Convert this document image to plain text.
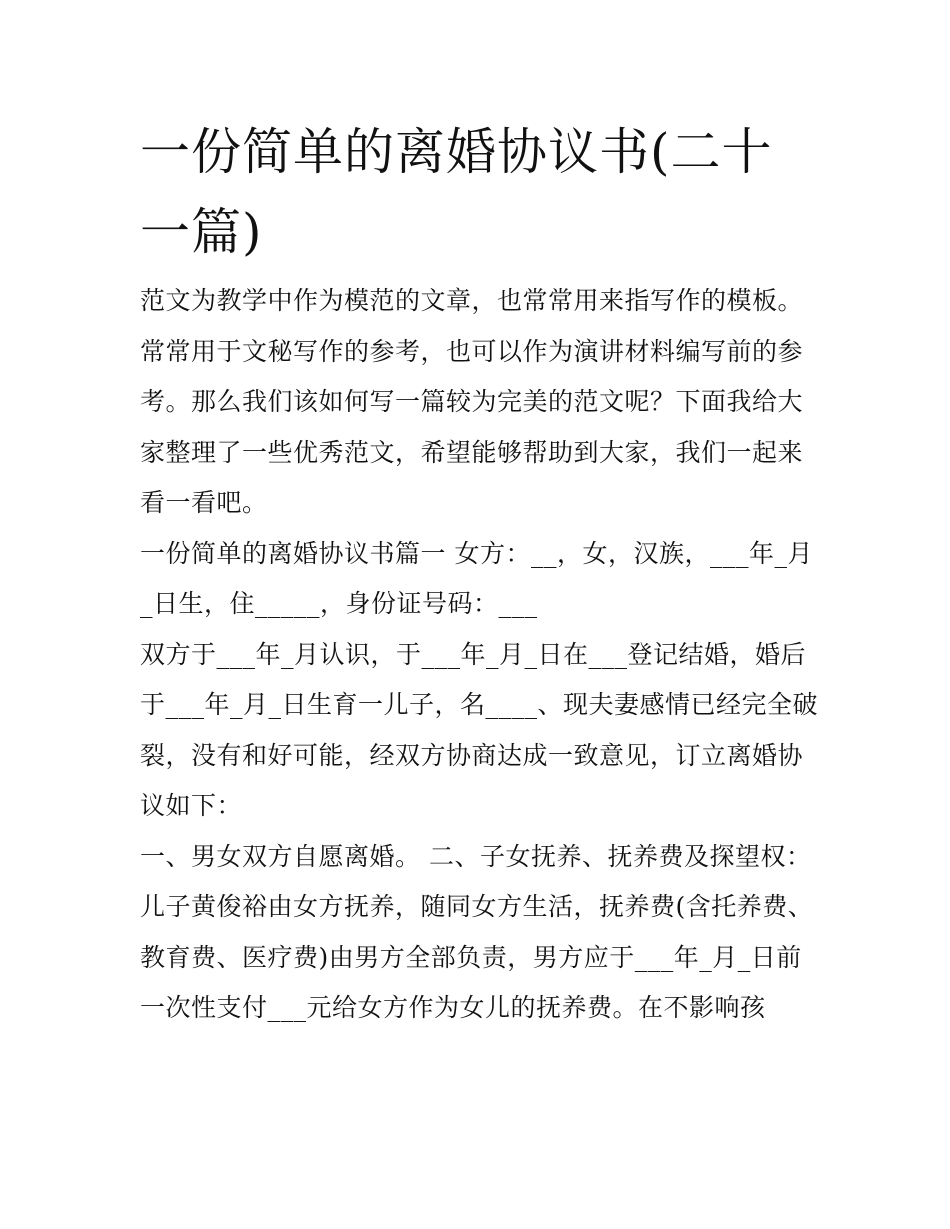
一份简单的离婚协议书(二十一篇)

范文为教学中作为模范的文章，也常常用来指写作的模板。常常用于文秘写作的参考，也可以作为演讲材料编写前的参考。那么我们该如何写一篇较为完美的范文呢？下面我给大家整理了一些优秀范文，希望能够帮助到大家，我们一起来看一看吧。

一份简单的离婚协议书篇一 女方：__，女，汉族，___年_月_日生，住_____，身份证号码：___

双方于___年_月认识，于___年_月_日在___登记结婚，婚后于___年_月_日生育一儿子，名____、现夫妻感情已经完全破裂，没有和好可能，经双方协商达成一致意见，订立离婚协议如下：

一、男女双方自愿离婚。 二、子女抚养、抚养费及探望权：儿子黄俊裕由女方抚养，随同女方生活，抚养费(含托养费、教育费、医疗费)由男方全部负责，男方应于___年_月_日前一次性支付___元给女方作为女儿的抚养费。在不影响孩
